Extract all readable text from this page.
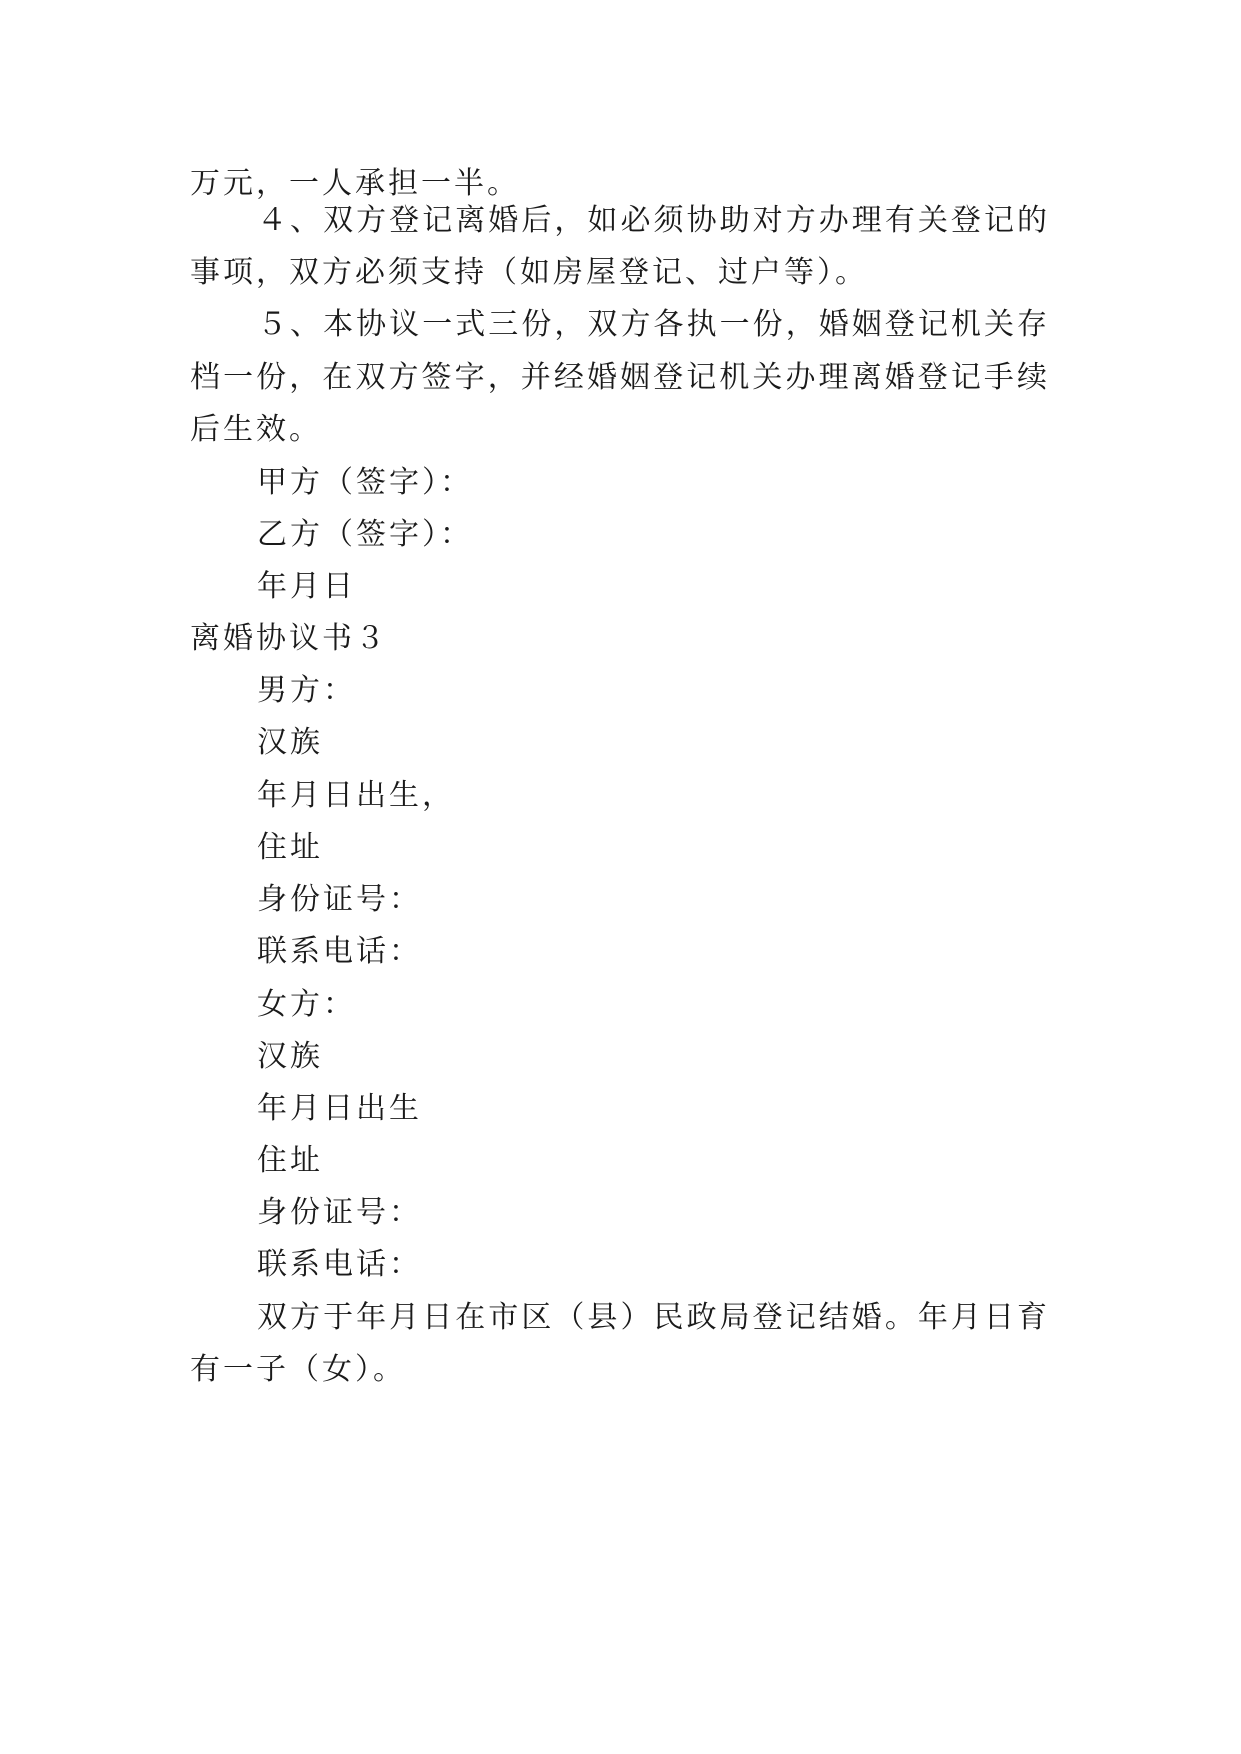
万元，一人承担一半。
４、双方登记离婚后，如必须协助对方办理有关登记的
事项，双方必须支持（如房屋登记、过户等）。
５、本协议一式三份，双方各执一份，婚姻登记机关存
档一份，在双方签字，并经婚姻登记机关办理离婚登记手续
后生效。
甲方（签字）：
乙方（签字）：
年月日
离婚协议书３
男方：
汉族
年月日出生，
住址
身份证号：
联系电话：
女方：
汉族
年月日出生
住址
身份证号：
联系电话：
双方于年月日在市区（县）民政局登记结婚。年月日育
有一子（女）。
